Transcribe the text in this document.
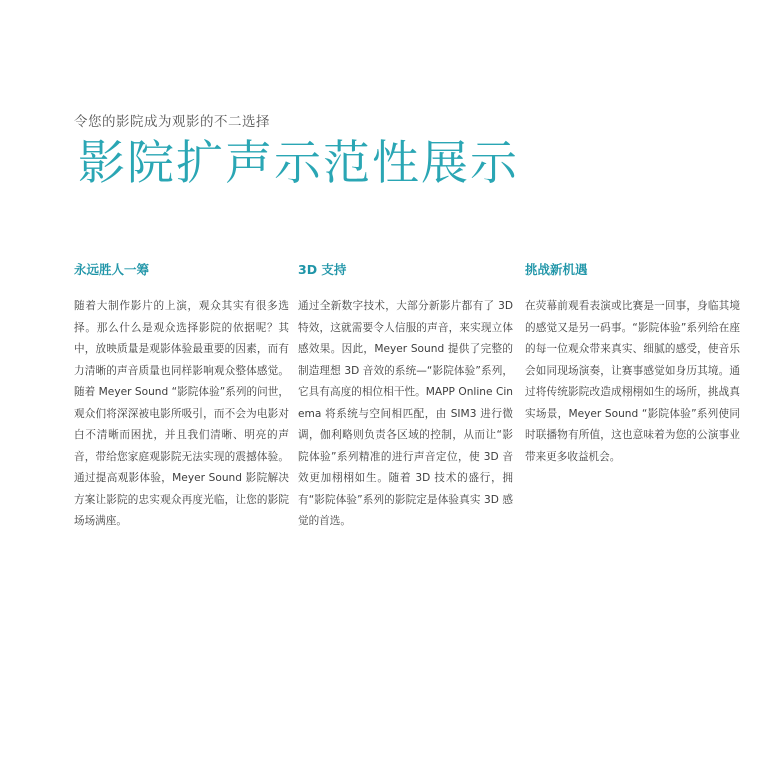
令您的影院成为观影的不二选择
影院扩声示范性展示
永远胜人一筹

随着大制作影片的上演，观众其实有很多选择。那么什么是观众选择影院的依据呢？其中，放映质量是观影体验最重要的因素，而有力清晰的声音质量也同样影响观众整体感觉。随着 Meyer Sound “影院体验”系列的问世，观众们将深深被电影所吸引，而不会为电影对白不清晰而困扰，并且我们清晰、明亮的声音，带给您家庭观影院无法实现的震撼体验。通过提高观影体验，Meyer Sound 影院解决方案让影院的忠实观众再度光临，让您的影院场场满座。

3D 支持

通过全新数字技术，大部分新影片都有了 3D 特效，这就需要令人信服的声音，来实现立体感效果。因此，Meyer Sound 提供了完整的制造理想 3D 音效的系统—“影院体验”系列，它具有高度的相位相干性。MAPP Online Cinema 将系统与空间相匹配，由 SIM3 进行微调，伽利略则负责各区域的控制，从而让“影院体验”系列精准的进行声音定位，使 3D 音效更加栩栩如生。随着 3D 技术的盛行，拥有“影院体验”系列的影院定是体验真实 3D 感觉的首选。

挑战新机遇

在荧幕前观看表演或比赛是一回事，身临其境的感觉又是另一码事。“影院体验”系列给在座的每一位观众带来真实、细腻的感受，使音乐会如同现场演奏，让赛事感觉如身历其境。通过将传统影院改造成栩栩如生的场所，挑战真实场景，Meyer Sound “影院体验”系列使同时联播物有所值，这也意味着为您的公演事业带来更多收益机会。
